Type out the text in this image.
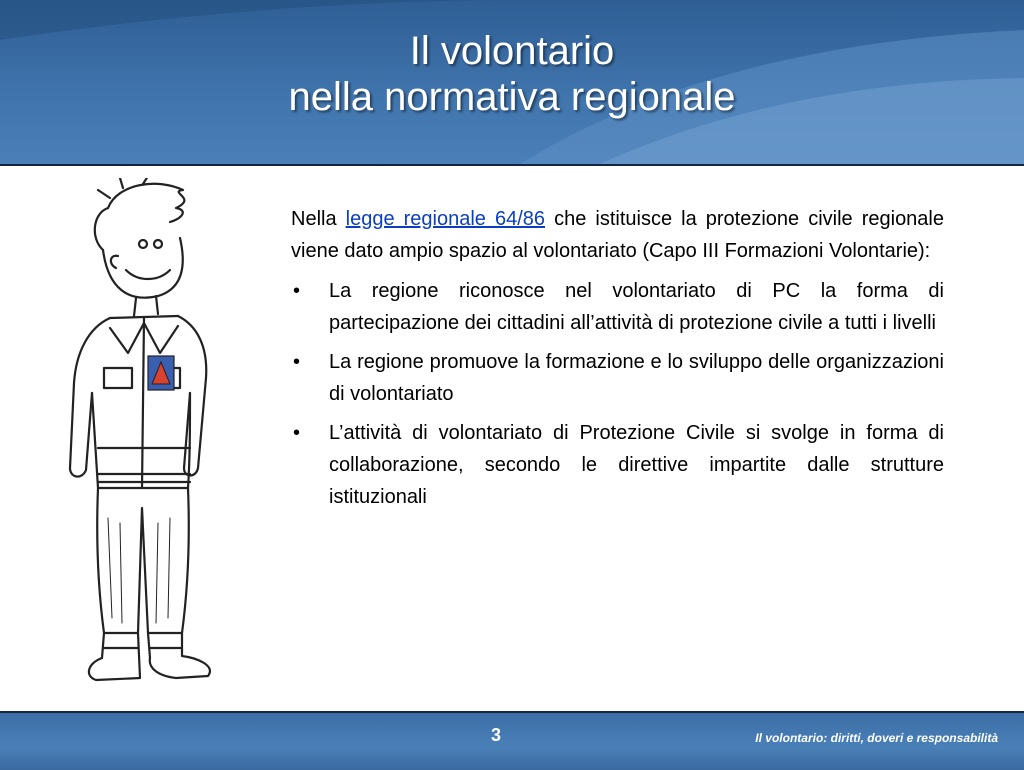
Il volontario
nella normativa regionale

Nella legge regionale 64/86 che istituisce la protezione civile regionale viene dato ampio spazio al volontariato (Capo III Formazioni Volontarie):

•	La regione riconosce nel volontariato di PC la forma di partecipazione dei cittadini all’attività di protezione civile a tutti i livelli
•	La regione promuove la formazione e lo sviluppo delle organizzazioni di volontariato
•	L’attività di volontariato di Protezione Civile si svolge in forma di collaborazione, secondo le direttive impartite dalle strutture istituzionali
3	Il volontario: diritti, doveri e responsabilità
